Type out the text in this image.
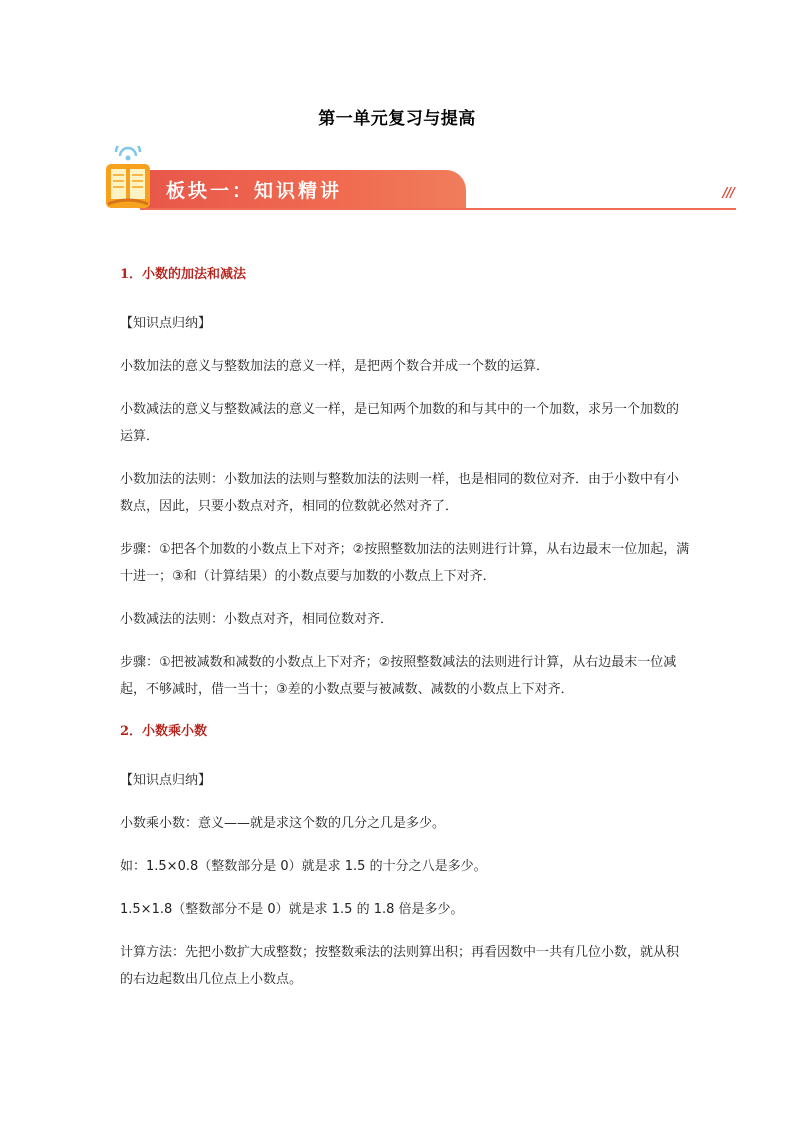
第一单元复习与提高
板块一：知识精讲	///
1．小数的加法和减法
【知识点归纳】
小数加法的意义与整数加法的意义一样，是把两个数合并成一个数的运算．
小数减法的意义与整数减法的意义一样，是已知两个加数的和与其中的一个加数，求另一个加数的运算．
小数加法的法则：小数加法的法则与整数加法的法则一样，也是相同的数位对齐．由于小数中有小数点，因此，只要小数点对齐，相同的位数就必然对齐了．
步骤：①把各个加数的小数点上下对齐；②按照整数加法的法则进行计算，从右边最末一位加起，满十进一；③和（计算结果）的小数点要与加数的小数点上下对齐．
小数减法的法则：小数点对齐，相同位数对齐．
步骤：①把被减数和减数的小数点上下对齐；②按照整数减法的法则进行计算，从右边最末一位减起，不够减时，借一当十；③差的小数点要与被减数、减数的小数点上下对齐．
2．小数乘小数
【知识点归纳】
小数乘小数：意义——就是求这个数的几分之几是多少。
如：1.5×0.8（整数部分是 0）就是求 1.5 的十分之八是多少。
1.5×1.8（整数部分不是 0）就是求 1.5 的 1.8 倍是多少。
计算方法：先把小数扩大成整数；按整数乘法的法则算出积；再看因数中一共有几位小数，就从积的右边起数出几位点上小数点。
